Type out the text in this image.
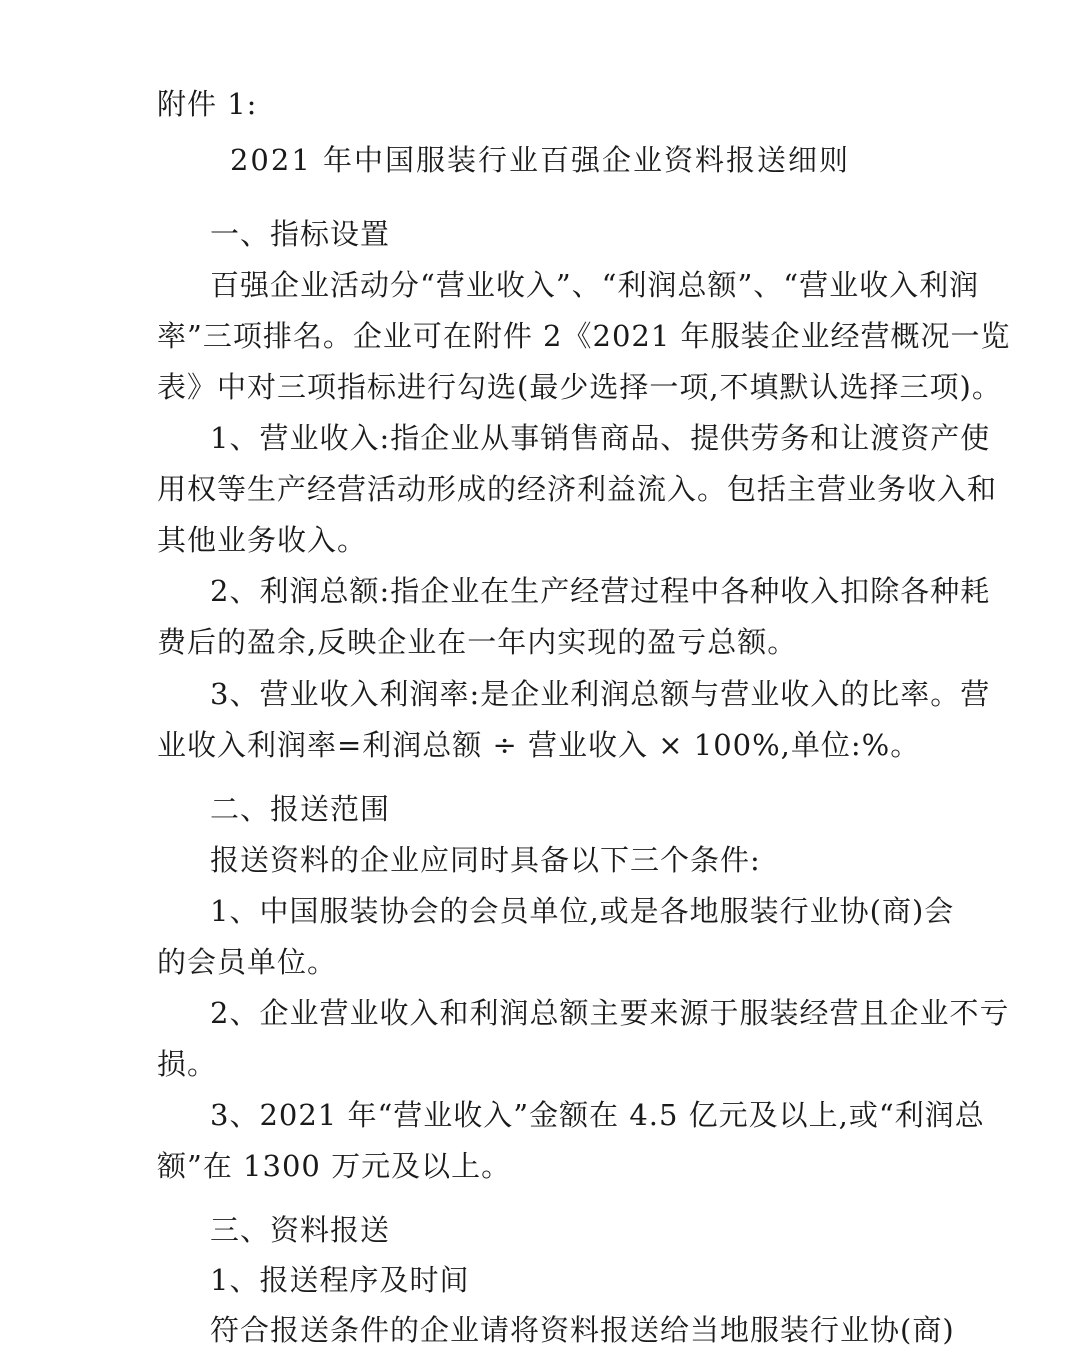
附件 1:
2021 年中国服装行业百强企业资料报送细则
一、指标设置
百强企业活动分“营业收入”、“利润总额”、“营业收入利润
率”三项排名。企业可在附件 2《2021 年服装企业经营概况一览
表》中对三项指标进行勾选(最少选择一项,不填默认选择三项)。
1、营业收入:指企业从事销售商品、提供劳务和让渡资产使
用权等生产经营活动形成的经济利益流入。包括主营业务收入和
其他业务收入。
2、利润总额:指企业在生产经营过程中各种收入扣除各种耗
费后的盈余,反映企业在一年内实现的盈亏总额。
3、营业收入利润率:是企业利润总额与营业收入的比率。营
业收入利润率=利润总额 ÷ 营业收入 × 100%,单位:%。
二、报送范围
报送资料的企业应同时具备以下三个条件:
1、中国服装协会的会员单位,或是各地服装行业协(商)会
的会员单位。
2、企业营业收入和利润总额主要来源于服装经营且企业不亏
损。
3、2021 年“营业收入”金额在 4.5 亿元及以上,或“利润总
额”在 1300 万元及以上。
三、资料报送
1、报送程序及时间
符合报送条件的企业请将资料报送给当地服装行业协(商)
